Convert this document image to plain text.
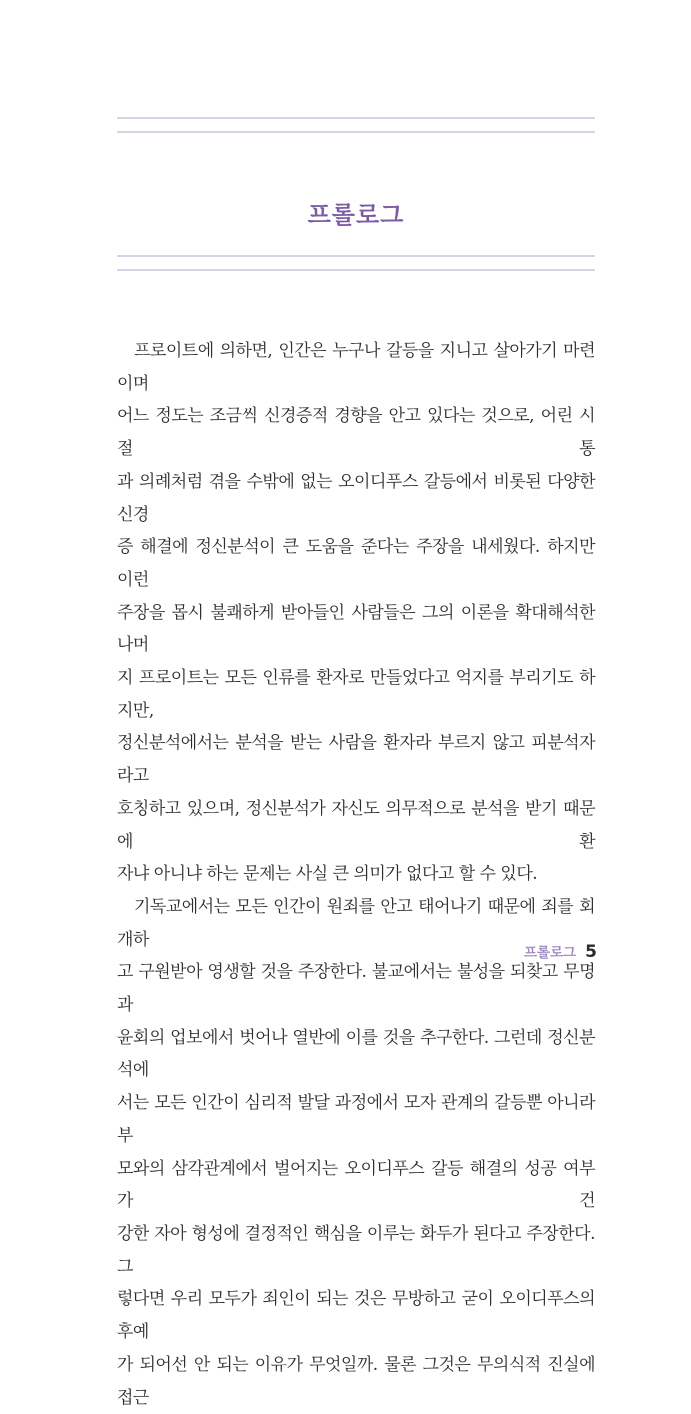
프롤로그
프로이트에 의하면, 인간은 누구나 갈등을 지니고 살아가기 마련이며
어느 정도는 조금씩 신경증적 경향을 안고 있다는 것으로, 어린 시절 통
과 의례처럼 겪을 수밖에 없는 오이디푸스 갈등에서 비롯된 다양한 신경
증 해결에 정신분석이 큰 도움을 준다는 주장을 내세웠다. 하지만 이런
주장을 몹시 불쾌하게 받아들인 사람들은 그의 이론을 확대해석한 나머
지 프로이트는 모든 인류를 환자로 만들었다고 억지를 부리기도 하지만,
정신분석에서는 분석을 받는 사람을 환자라 부르지 않고 피분석자라고
호칭하고 있으며, 정신분석가 자신도 의무적으로 분석을 받기 때문에 환
자냐 아니냐 하는 문제는 사실 큰 의미가 없다고 할 수 있다.
기독교에서는 모든 인간이 원죄를 안고 태어나기 때문에 죄를 회개하
고 구원받아 영생할 것을 주장한다. 불교에서는 불성을 되찾고 무명과
윤회의 업보에서 벗어나 열반에 이를 것을 추구한다. 그런데 정신분석에
서는 모든 인간이 심리적 발달 과정에서 모자 관계의 갈등뿐 아니라 부
모와의 삼각관계에서 벌어지는 오이디푸스 갈등 해결의 성공 여부가 건
강한 자아 형성에 결정적인 핵심을 이루는 화두가 된다고 주장한다. 그
렇다면 우리 모두가 죄인이 되는 것은 무방하고 굳이 오이디푸스의 후예
가 되어선 안 되는 이유가 무엇일까. 물론 그것은 무의식적 진실에 접근
프롤로그 5
